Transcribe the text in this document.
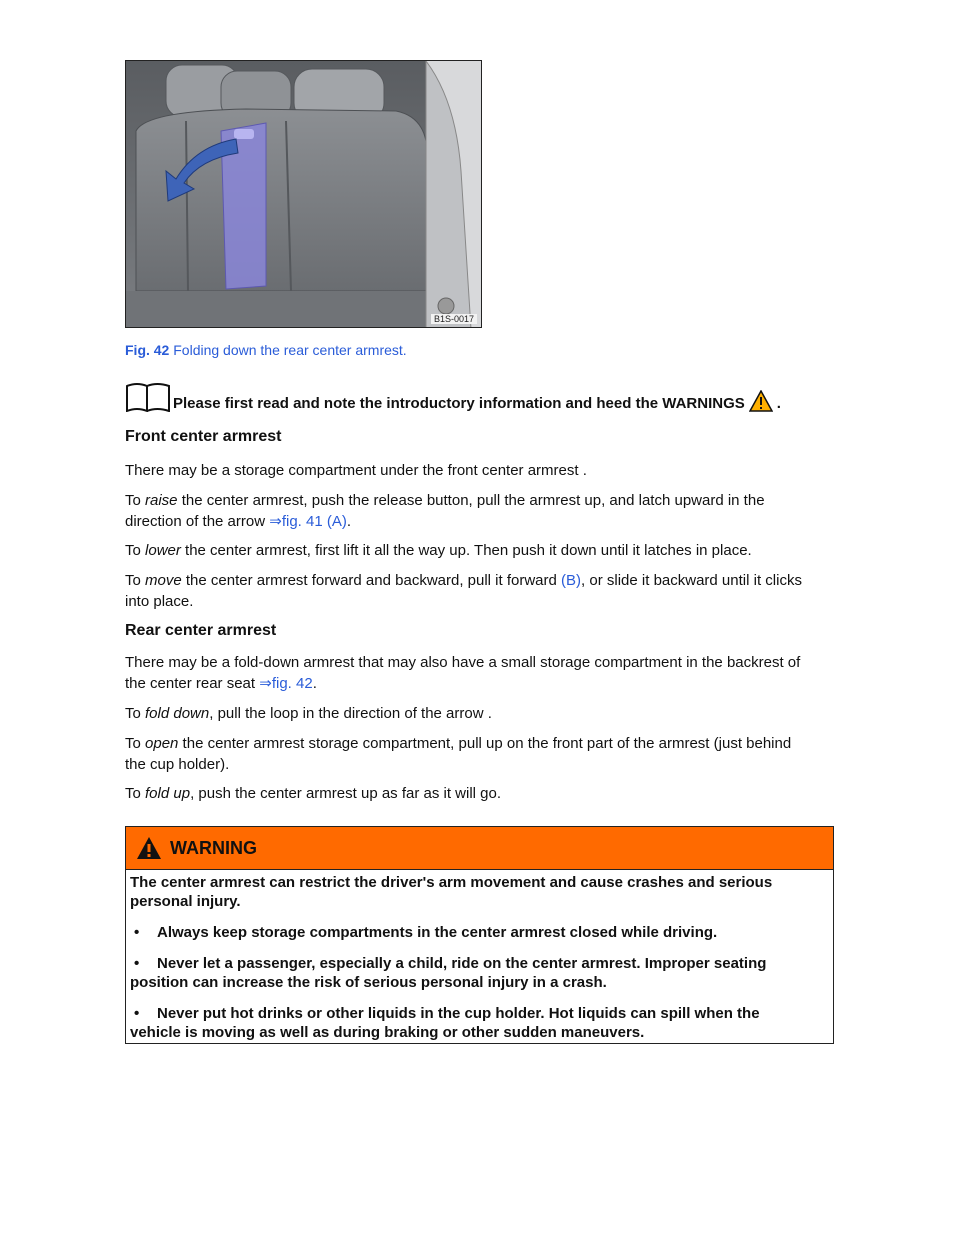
B1S-0017
Fig. 42 Folding down the rear center armrest.
Please first read and note the introductory information and heed the WARNINGS .
Front center armrest
There may be a storage compartment under the front center armrest .
To raise the center armrest, push the release button, pull the armrest up, and latch upward in the
direction of the arrow ⇒fig. 41 (A).
To lower the center armrest, first lift it all the way up. Then push it down until it latches in place.
To move the center armrest forward and backward, pull it forward (B), or slide it backward until it clicks
into place.
Rear center armrest
There may be a fold-down armrest that may also have a small storage compartment in the backrest of
the center rear seat ⇒fig. 42.
To fold down, pull the loop in the direction of the arrow .
To open the center armrest storage compartment, pull up on the front part of the armrest (just behind
the cup holder).
To fold up, push the center armrest up as far as it will go.
WARNING
The center armrest can restrict the driver's arm movement and cause crashes and serious
personal injury.
• Always keep storage compartments in the center armrest closed while driving.
• Never let a passenger, especially a child, ride on the center armrest. Improper seating
position can increase the risk of serious personal injury in a crash.
• Never put hot drinks or other liquids in the cup holder. Hot liquids can spill when the
vehicle is moving as well as during braking or other sudden maneuvers.
